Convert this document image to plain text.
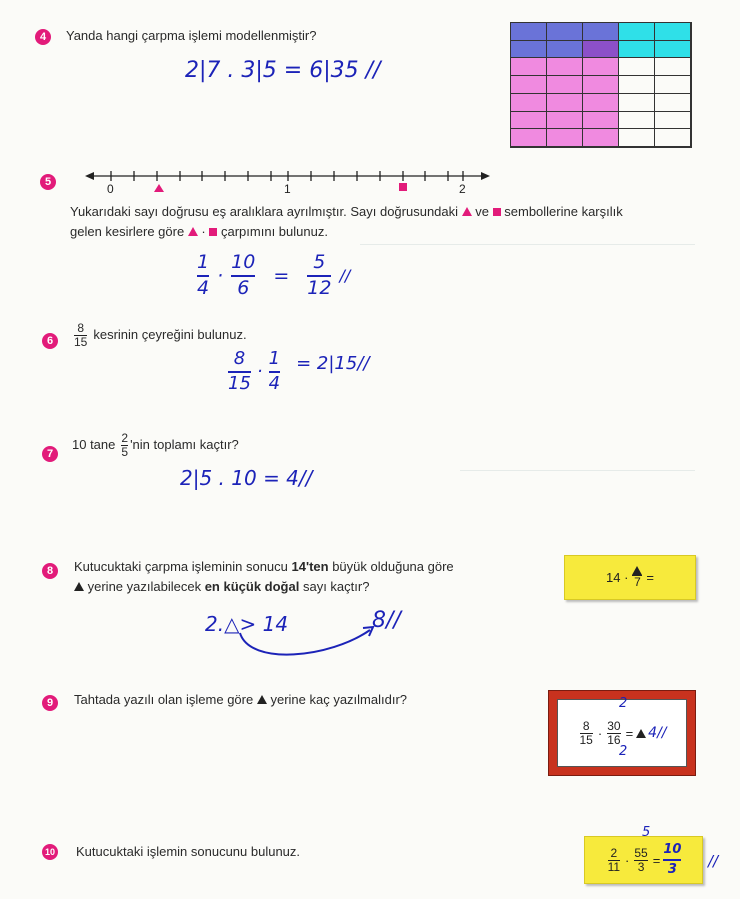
4	Yanda hangi çarpma işlemi modellenmiştir?
2|7 . 3|5 = 6|35 //
5	0	1	2
Yukarıdaki sayı doğrusu eş aralıklara ayrılmıştır. Sayı doğrusundaki ve sembollerine karşılık
gelen kesirlere göre  ·  çarpımını bulunuz.
1
4
·
10
6
=
5
12
//
6	$\frac{8}{15}$ kesrinin çeyreğini bulunuz.
8
15
·
1
4
= 2|15//
7
10 tane $\frac{2}{5}$ 'nin toplamı kaçtır?
2|5 . 10 = 4//
8	Kutucuktaki çarpma işleminin sonucu 14'ten büyük olduğuna göre
yerine yazılabilecek en küçük doğal sayı kaçtır?
14 · 7 =
2.△> 14	8//
9	Tahtada yazılı olan işleme göre yerine kaç yazılmalıdır?
$\frac{8}{15} \cdot \frac{30}{16} = 4//$
2
2
10 Kutucuktaki işlemin sonucunu bulunuz.	$\frac{2}{11} \cdot \frac{55}{3}$ =
10
3
5
//
